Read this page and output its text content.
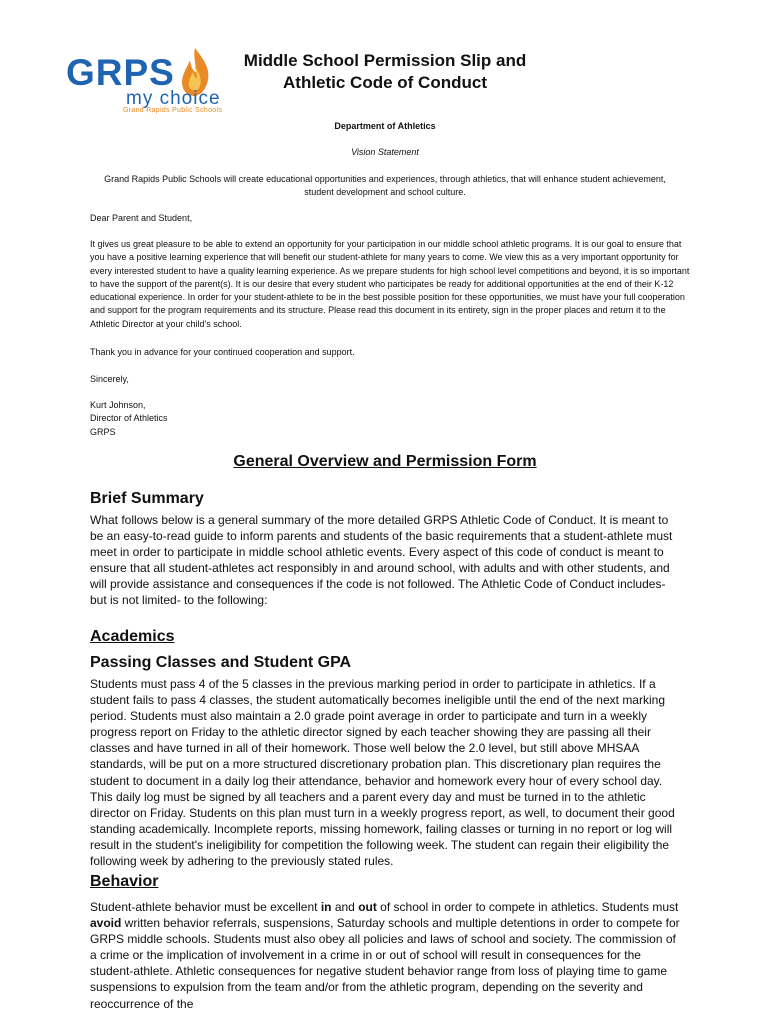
GRPS
my choice
Grand Rapids Public Schools
Middle School Permission Slip and
Athletic Code of Conduct
Department of Athletics
Vision Statement
Grand Rapids Public Schools will create educational opportunities and experiences, through athletics, that will enhance student achievement, student development and school culture.
Dear Parent and Student,
It gives us great pleasure to be able to extend an opportunity for your participation in our middle school athletic programs. It is our goal to ensure that you have a positive learning experience that will benefit our student-athlete for many years to come. We view this as a very important opportunity for every interested student to have a quality learning experience. As we prepare students for high school level competitions and beyond, it is so important to have the support of the parent(s). It is our desire that every student who participates be ready for additional opportunities at the end of their K-12 educational experience. In order for your student-athlete to be in the best possible position for these opportunities, we must have your full cooperation and support for the program requirements and its structure. Please read this document in its entirety, sign in the proper places and return it to the Athletic Director at your child's school.
Thank you in advance for your continued cooperation and support.
Sincerely,
Kurt Johnson,
Director of Athletics
GRPS
General Overview and Permission Form
Brief Summary
What follows below is a general summary of the more detailed GRPS Athletic Code of Conduct. It is meant to be an easy-to-read guide to inform parents and students of the basic requirements that a student-athlete must meet in order to participate in middle school athletic events. Every aspect of this code of conduct is meant to ensure that all student-athletes act responsibly in and around school, with adults and with other students, and will provide assistance and consequences if the code is not followed. The Athletic Code of Conduct includes- but is not limited- to the following:
Academics
Passing Classes and Student GPA
Students must pass 4 of the 5 classes in the previous marking period in order to participate in athletics. If a student fails to pass 4 classes, the student automatically becomes ineligible until the end of the next marking period. Students must also maintain a 2.0 grade point average in order to participate and turn in a weekly progress report on Friday to the athletic director signed by each teacher showing they are passing all their classes and have turned in all of their homework. Those well below the 2.0 level, but still above MHSAA standards, will be put on a more structured discretionary probation plan. This discretionary plan requires the student to document in a daily log their attendance, behavior and homework every hour of every school day. This daily log must be signed by all teachers and a parent every day and must be turned in to the athletic director on Friday. Students on this plan must turn in a weekly progress report, as well, to document their good standing academically. Incomplete reports, missing homework, failing classes or turning in no report or log will result in the student's ineligibility for competition the following week. The student can regain their eligibility the following week by adhering to the previously stated rules.
Behavior
Student-athlete behavior must be excellent in and out of school in order to compete in athletics. Students must avoid written behavior referrals, suspensions, Saturday schools and multiple detentions in order to compete for GRPS middle schools. Students must also obey all policies and laws of school and society. The commission of a crime or the implication of involvement in a crime in or out of school will result in consequences for the student-athlete. Athletic consequences for negative student behavior range from loss of playing time to game suspensions to expulsion from the team and/or from the athletic program, depending on the severity and reoccurrence of the
